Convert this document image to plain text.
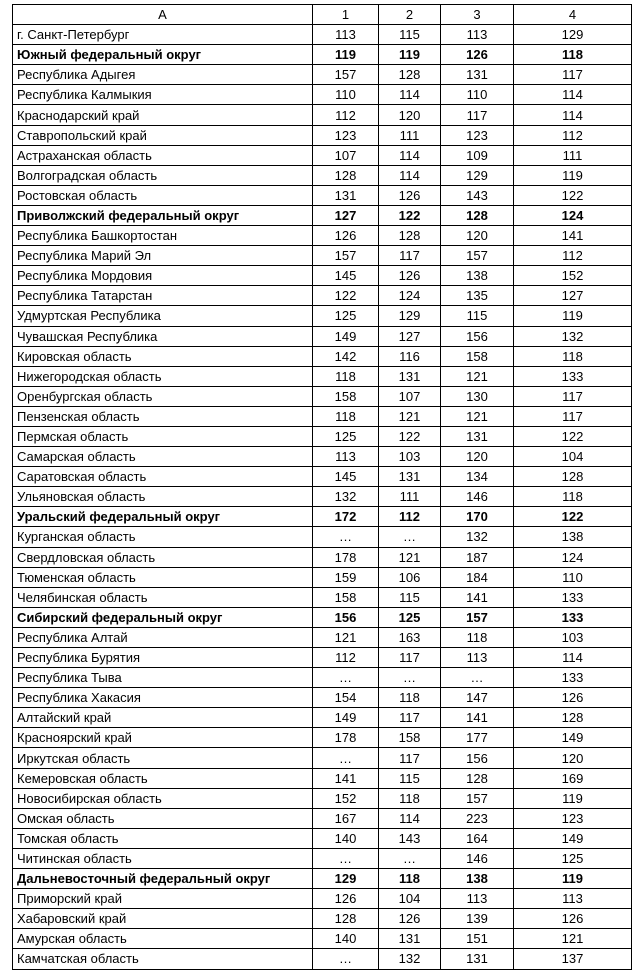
А	1	2	3	4
г. Санкт-Петербург	113	115	113	129
Южный федеральный округ	119	119	126	118
Республика Адыгея	157	128	131	117
Республика Калмыкия	110	114	110	114
Краснодарский край	112	120	117	114
Ставропольский край	123	111	123	112
Астраханская область	107	114	109	111
Волгоградская область	128	114	129	119
Ростовская область	131	126	143	122
Приволжский федеральный округ	127	122	128	124
Республика Башкортостан	126	128	120	141
Республика Марий Эл	157	117	157	112
Республика Мордовия	145	126	138	152
Республика Татарстан	122	124	135	127
Удмуртская Республика	125	129	115	119
Чувашская Республика	149	127	156	132
Кировская область	142	116	158	118
Нижегородская область	118	131	121	133
Оренбургская область	158	107	130	117
Пензенская область	118	121	121	117
Пермская область	125	122	131	122
Самарская область	113	103	120	104
Саратовская область	145	131	134	128
Ульяновская область	132	111	146	118
Уральский федеральный округ	172	112	170	122
Курганская область	…	…	132	138
Свердловская область	178	121	187	124
Тюменская область	159	106	184	110
Челябинская область	158	115	141	133
Сибирский федеральный округ	156	125	157	133
Республика Алтай	121	163	118	103
Республика Бурятия	112	117	113	114
Республика Тыва	…	…	…	133
Республика Хакасия	154	118	147	126
Алтайский край	149	117	141	128
Красноярский край	178	158	177	149
Иркутская область	…	117	156	120
Кемеровская область	141	115	128	169
Новосибирская область	152	118	157	119
Омская область	167	114	223	123
Томская область	140	143	164	149
Читинская область	…	…	146	125
Дальневосточный федеральный округ	129	118	138	119
Приморский край	126	104	113	113
Хабаровский край	128	126	139	126
Амурская область	140	131	151	121
Камчатская область	…	132	131	137
